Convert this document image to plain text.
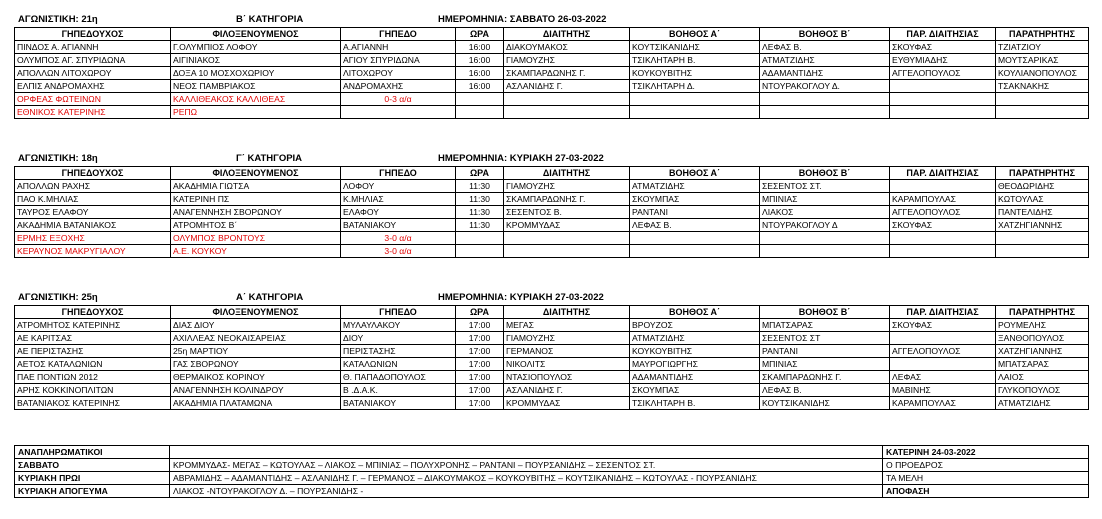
ΑΓΩΝΙΣΤΙΚΗ: 21η	Β΄ ΚΑΤΗΓΟΡΙΑ	ΗΜΕΡΟΜΗΝΙΑ: ΣΑΒΒΑΤΟ 26-03-2022
ΓΗΠΕΔΟΥΧΟΣ	ΦΙΛΟΞΕΝΟΥΜΕΝΟΣ	ΓΗΠΕΔΟ	ΩΡΑ	ΔΙΑΙΤΗΤΗΣ	ΒΟΗΘΟΣ Α΄	ΒΟΗΘΟΣ Β΄	ΠΑΡ. ΔΙΑΙΤΗΣΙΑΣ	ΠΑΡΑΤΗΡΗΤΗΣ
ΠΙΝΔΟΣ Α. ΑΓΙΑΝΝΗ	Γ.ΟΛΥΜΠΙΟΣ ΛΟΦΟΥ	Α.ΑΓΙΑΝΝΗ	16:00	ΔΙΑΚΟΥΜΑΚΟΣ	ΚΟΥΤΣΙΚΑΝΙΔΗΣ	ΛΕΦΑΣ Β.	ΣΚΟΥΦΑΣ	ΤΖΙΑΤΖΙΟΥ
ΟΛΥΜΠΟΣ ΑΓ. ΣΠΥΡΙΔΩΝΑ	ΑΙΓΙΝΙΑΚΟΣ	ΑΓΙΟΥ ΣΠΥΡΙΔΩΝΑ	16:00	ΓΙΑΜΟΥΖΗΣ	ΤΣΙΚΛΗΤΑΡΗ Β.	ΑΤΜΑΤΖΙΔΗΣ	ΕΥΘΥΜΙΑΔΗΣ	ΜΟΥΤΣΑΡΙΚΑΣ
ΑΠΟΛΛΩΝ ΛΙΤΟΧΩΡΟΥ	ΔΟΞΑ 10 ΜΟΣΧΟΧΩΡΙΟΥ	ΛΙΤΟΧΩΡΟΥ	16:00	ΣΚΑΜΠΑΡΔΩΝΗΣ Γ.	ΚΟΥΚΟΥΒΙΤΗΣ	ΑΔΑΜΑΝΤΙΔΗΣ	ΑΓΓΕΛΟΠΟΥΛΟΣ	ΚΟΥΛΙΑΝΟΠΟΥΛΟΣ
ΕΛΠΙΣ ΑΝΔΡΟΜΑΧΗΣ	ΝΕΟΣ ΠΑΜΒΡΙΑΚΟΣ	ΑΝΔΡΟΜΑΧΗΣ	16:00	ΑΣΛΑΝΙΔΗΣ Γ.	ΤΣΙΚΛΗΤΑΡΗ Δ.	ΝΤΟΥΡΑΚΟΓΛΟΥ Δ.		ΤΣΑΚΝΑΚΗΣ
ΟΡΦΕΑΣ ΦΩΤΕΙΝΩΝ	ΚΑΛΛΙΘΕΑΚΟΣ ΚΑΛΛΙΘΕΑΣ	0-3 α/α						
ΕΘΝΙΚΟΣ ΚΑΤΕΡΙΝΗΣ	ΡΕΠΩ							
ΑΓΩΝΙΣΤΙΚΗ: 18η	Γ΄ ΚΑΤΗΓΟΡΙΑ	ΗΜΕΡΟΜΗΝΙΑ: ΚΥΡΙΑΚΗ 27-03-2022
ΓΗΠΕΔΟΥΧΟΣ	ΦΙΛΟΞΕΝΟΥΜΕΝΟΣ	ΓΗΠΕΔΟ	ΩΡΑ	ΔΙΑΙΤΗΤΗΣ	ΒΟΗΘΟΣ Α΄	ΒΟΗΘΟΣ Β΄	ΠΑΡ. ΔΙΑΙΤΗΣΙΑΣ	ΠΑΡΑΤΗΡΗΤΗΣ
ΑΠΟΛΛΩΝ ΡΑΧΗΣ	ΑΚΑΔΗΜΙΑ ΓΙΩΤΣΑ	ΛΟΦΟΥ	11:30	ΓΙΑΜΟΥΖΗΣ	ΑΤΜΑΤΖΙΔΗΣ	ΣΕΣΕΝΤΟΣ ΣΤ.		ΘΕΟΔΩΡΙΔΗΣ
ΠΑΟ Κ.ΜΗΛΙΑΣ	ΚΑΤΕΡΙΝΗ ΠΣ	Κ.ΜΗΛΙΑΣ	11:30	ΣΚΑΜΠΑΡΔΩΝΗΣ Γ.	ΣΚΟΥΜΠΑΣ	ΜΠΙΝΙΑΣ	ΚΑΡΑΜΠΟΥΛΑΣ	ΚΩΤΟΥΛΑΣ
ΤΑΥΡΟΣ ΕΛΑΦΟΥ	ΑΝΑΓΕΝΝΗΣΗ ΣΒΟΡΩΝΟΥ	ΕΛΑΦΟΥ	11:30	ΣΕΣΕΝΤΟΣ Β.	ΡΑΝΤΑΝΙ	ΛΙΑΚΟΣ	ΑΓΓΕΛΟΠΟΥΛΟΣ	ΠΑΝΤΕΛΙΔΗΣ
ΑΚΑΔΗΜΙΑ ΒΑΤΑΝΙΑΚΟΣ	ΑΤΡΟΜΗΤΟΣ Β΄	ΒΑΤΑΝΙΑΚΟΥ	11:30	ΚΡΟΜΜΥΔΑΣ	ΛΕΦΑΣ Β.	ΝΤΟΥΡΑΚΟΓΛΟΥ Δ	ΣΚΟΥΦΑΣ	ΧΑΤΖΗΓΙΑΝΝΗΣ
ΕΡΜΗΣ ΕΞΟΧΗΣ	ΟΛΥΜΠΟΣ ΒΡΟΝΤΟΥΣ	3-0 α/α						
ΚΕΡΑΥΝΟΣ ΜΑΚΡΥΓΙΑΛΟΥ	Α.Ε. ΚΟΥΚΟΥ	3-0 α/α						
ΑΓΩΝΙΣΤΙΚΗ: 25η	Α΄ ΚΑΤΗΓΟΡΙΑ	ΗΜΕΡΟΜΗΝΙΑ: ΚΥΡΙΑΚΗ 27-03-2022
ΓΗΠΕΔΟΥΧΟΣ	ΦΙΛΟΞΕΝΟΥΜΕΝΟΣ	ΓΗΠΕΔΟ	ΩΡΑ	ΔΙΑΙΤΗΤΗΣ	ΒΟΗΘΟΣ Α΄	ΒΟΗΘΟΣ Β΄	ΠΑΡ. ΔΙΑΙΤΗΣΙΑΣ	ΠΑΡΑΤΗΡΗΤΗΣ
ΑΤΡΟΜΗΤΟΣ ΚΑΤΕΡΙΝΗΣ	ΔΙΑΣ ΔΙΟΥ	ΜΥΛΑΥΛΑΚΟΥ	17:00	ΜΕΓΑΣ	ΒΡΟΥΖΟΣ	ΜΠΑΤΣΑΡΑΣ	ΣΚΟΥΦΑΣ	ΡΟΥΜΕΛΗΣ
ΑΕ ΚΑΡΙΤΣΑΣ	ΑΧΙΛΛΕΑΣ ΝΕΟΚΑΙΣΑΡΕΙΑΣ	ΔΙΟΥ	17:00	ΓΙΑΜΟΥΖΗΣ	ΑΤΜΑΤΖΙΔΗΣ	ΣΕΣΕΝΤΟΣ ΣΤ		ΞΑΝΘΟΠΟΥΛΟΣ
ΑΕ ΠΕΡΙΣΤΑΣΗΣ	25η ΜΑΡΤΙΟΥ	ΠΕΡΙΣΤΑΣΗΣ	17:00	ΓΕΡΜΑΝΟΣ	ΚΟΥΚΟΥΒΙΤΗΣ	ΡΑΝΤΑΝΙ	ΑΓΓΕΛΟΠΟΥΛΟΣ	ΧΑΤΖΗΓΙΑΝΝΗΣ
ΑΕΤΟΣ ΚΑΤΑΛΩΝΙΩΝ	ΓΑΣ ΣΒΟΡΩΝΟΥ	ΚΑΤΑΛΩΝΙΩΝ	17:00	ΝΙΚΟΛΙΤΣ	ΜΑΥΡΟΓΙΩΡΓΗΣ	ΜΠΙΝΙΑΣ		ΜΠΑΤΣΑΡΑΣ
ΠΑΕ ΠΟΝΤΙΩΝ 2012	ΘΕΡΜΑΙΚΟΣ ΚΟΡΙΝΟΥ	Θ. ΠΑΠΑΔΟΠΟΥΛΟΣ	17:00	ΝΤΑΣΙΟΠΟΥΛΟΣ	ΑΔΑΜΑΝΤΙΔΗΣ	ΣΚΑΜΠΑΡΔΩΝΗΣ Γ.	ΛΕΦΑΣ	ΛΑΙΟΣ
ΑΡΗΣ ΚΟΚΚΙΝΟΠΛΙΤΩΝ	ΑΝΑΓΕΝΝΗΣΗ ΚΟΛΙΝΔΡΟΥ	Β .Δ.Α.Κ.	17:00	ΑΣΛΑΝΙΔΗΣ Γ.	ΣΚΟΥΜΠΑΣ	ΛΕΦΑΣ Β.	ΜΑΒΙΝΗΣ	ΓΛΥΚΟΠΟΥΛΟΣ
ΒΑΤΑΝΙΑΚΟΣ ΚΑΤΕΡΙΝΗΣ	ΑΚΑΔΗΜΙΑ ΠΛΑΤΑΜΩΝΑ	ΒΑΤΑΝΙΑΚΟΥ	17:00	ΚΡΟΜΜΥΔΑΣ	ΤΣΙΚΛΗΤΑΡΗ Β.	ΚΟΥΤΣΙΚΑΝΙΔΗΣ	ΚΑΡΑΜΠΟΥΛΑΣ	ΑΤΜΑΤΖΙΔΗΣ
ΑΝΑΠΛΗΡΩΜΑΤΙΚΟΙ		ΚΑΤΕΡΙΝΗ 24-03-2022
ΣΑΒΒΑΤΟ	ΚΡΟΜΜΥΔΑΣ- ΜΕΓΑΣ – ΚΩΤΟΥΛΑΣ – ΛΙΑΚΟΣ – ΜΠΙΝΙΑΣ – ΠΟΛΥΧΡΟΝΗΣ – ΡΑΝΤΑΝΙ – ΠΟΥΡΣΑΝΙΔΗΣ – ΣΕΣΕΝΤΟΣ ΣΤ.	Ο ΠΡΟΕΔΡΟΣ
ΚΥΡΙΑΚΗ ΠΡΩΙ	ΑΒΡΑΜΙΔΗΣ – ΑΔΑΜΑΝΤΙΔΗΣ – ΑΣΛΑΝΙΔΗΣ Γ. – ΓΕΡΜΑΝΟΣ – ΔΙΑΚΟΥΜΑΚΟΣ – ΚΟΥΚΟΥΒΙΤΗΣ – ΚΟΥΤΣΙΚΑΝΙΔΗΣ – ΚΩΤΟΥΛΑΣ - ΠΟΥΡΣΑΝΙΔΗΣ	ΤΑ ΜΕΛΗ
ΚΥΡΙΑΚΗ ΑΠΟΓΕΥΜΑ	ΛΙΑΚΟΣ -ΝΤΟΥΡΑΚΟΓΛΟΥ Δ. – ΠΟΥΡΣΑΝΙΔΗΣ -	ΑΠΟΦΑΣΗ
